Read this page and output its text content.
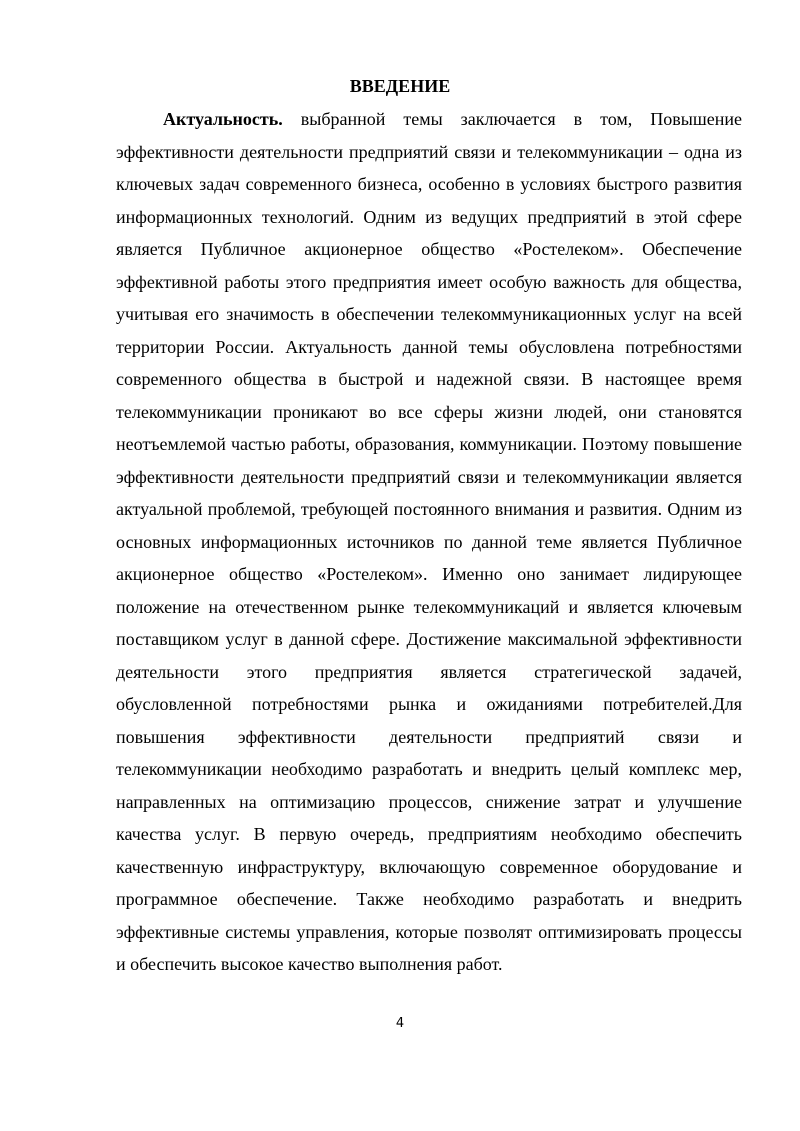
ВВЕДЕНИЕ

Актуальность. выбранной темы заключается в том, Повышение эффективности деятельности предприятий связи и телекоммуникации – одна из ключевых задач современного бизнеса, особенно в условиях быстрого развития информационных технологий. Одним из ведущих предприятий в этой сфере является Публичное акционерное общество «Ростелеком». Обеспечение эффективной работы этого предприятия имеет особую важность для общества, учитывая его значимость в обеспечении телекоммуникационных услуг на всей территории России. Актуальность данной темы обусловлена потребностями современного общества в быстрой и надежной связи. В настоящее время телекоммуникации проникают во все сферы жизни людей, они становятся неотъемлемой частью работы, образования, коммуникации. Поэтому повышение эффективности деятельности предприятий связи и телекоммуникации является актуальной проблемой, требующей постоянного внимания и развития. Одним из основных информационных источников по данной теме является Публичное акционерное общество «Ростелеком». Именно оно занимает лидирующее положение на отечественном рынке телекоммуникаций и является ключевым поставщиком услуг в данной сфере. Достижение максимальной эффективности деятельности этого предприятия является стратегической задачей, обусловленной потребностями рынка и ожиданиями потребителей.Для повышения эффективности деятельности предприятий связи и телекоммуникации необходимо разработать и внедрить целый комплекс мер, направленных на оптимизацию процессов, снижение затрат и улучшение качества услуг. В первую очередь, предприятиям необходимо обеспечить качественную инфраструктуру, включающую современное оборудование и программное обеспечение. Также необходимо разработать и внедрить эффективные системы управления, которые позволят оптимизировать процессы и обеспечить высокое качество выполнения работ.

4
